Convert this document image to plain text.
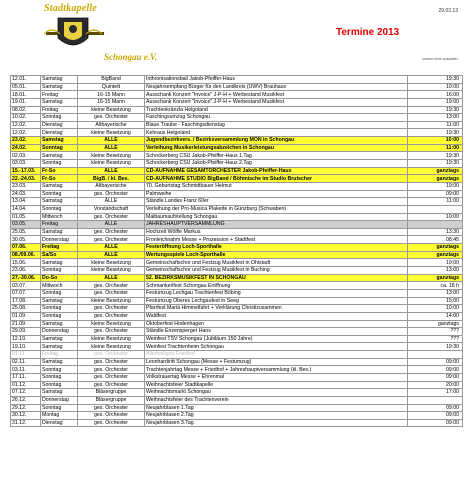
Stadtkapelle
Schongau e.V.
29.03.13
Termine 2013
unstmt ohne auswalter
12.01.	Samstag	BigBand	Inthronisationsball Jakob-Pfeiffer-Haus	19:30
05.01.	Samstag	Quintett	Neujahrsempfang Bürger für den Landkreis (UWV) Brauhaus	10:00
18.01.	Freitag	16-15 Mann	Ausschank Konzert "Invoice" J-P-H + Werbestand Musikfest	16:00
19.01.	Samstag	16-15 Mann	Ausschank Konzert "Invoice" J-P-H + Werbestand Musikfest	19:00
08.02.	Freitag	kleine Besetzung	Trachtenkränzla Helgoland	19:30
10.02.	Sonntag	ges. Orchester	Faschingsumzug Schongau	13:00
12.02.	Dienstag	Altbayerische	Blaue Traube - Faschingsdienstag	11:00
12.02.	Dienstag	kleine Besetzung	Kehraus Helgoland	19:30
23.02.	Samstag	ALLE	Jugendbezirkvers. / Bezirksversammlung MON in Schongau	10:00
24.02.	Sonntag	ALLE	Verleihung Musikerleistungsabzeichen in Schongau	11:00
02.03.	Samstag	kleine Besetzung	Schockerberg CSU Jakob-Pfeiffer-Haus 1.Tag	19:30
03.03.	Sonntag	kleine Besetzung	Schockerberg CSU Jakob-Pfeiffer-Haus 2.Tag	19:30
15.-17.03.	Fr-So	ALLE	CD-AUFNAHME GESAMTORCHESTER Jakob-Pfeiffer-Haus	ganztags
22.-24.03.	Fr-So	BigB. / kl. Bes.	CD-AUFNAHME STUDIO BigBand / Böhmische im Studio Brutscher	ganztags
23.03.	Samstag	Altbayerische	70. Geburtstag Schmidtbauer Helmut	19:00
24.03.	Sonntag	ges. Orchester	Palmweihe	09:00
13.04.	Samstag	ALLE	Ständle Landes Franz 60er	11:00
14.04.	Sonntag	Vorstandschaft	Verleihung der Pro-Musica Plakette in Günzburg (Schwaben)	
01.05.	Mittwoch	ges. Orchester	Maibaumaufstellung Schongau	10:00
03.05.	Freitag	ALLE	JAHRESHAUPTVERSAMMLUNG	
25.05.	Samstag	ges. Orchester	Hochzeit Wölfle Markus	13:30
30.05.	Donnerstag	ges. Orchester	Fronleichnahm Messe + Prozession + Stadtfest	08:45
07.06.	Freitag	ALLE	Festeröffnung Loch-Sporthalle	ganztags
08./09.06.	Sa/So	ALLE	Wertungsspiele Loch-Sporthalle	ganztags
15.06.	Samstag	kleine Besetzung	Gemeinschaftschor und Festzug Musikfest in Ohlstadt	19:00
23.06.	Sonntag	kleine Besetzung	Gemeinschaftschor und Festzug Musikfest in Buching	13:00
27.-30.06.	Do-So	ALLE	52. BEZIRKSMUSIKFEST IN SCHONGAU	ganztags
03.07.	Mittwoch	ges. Orchester	Schmankerlfest Schongau Eröffnung	ca. 18 h
07.07.	Sonntag	ges. Orchester	Festumzug Lechgau Trachtenfest Böbing	13:00
17.08.	Samstag	kleine Besetzung	Festumzug Oberes Lechgaufest in Seeg	15:00
25.08.	Sonntag	ges. Orchester	Pfarrfest Mariä Himmelfahrt + Verklärung Christizusammen	10:00
01.09.	Sonntag	ges. Orchester	Waldfest	14:00
21.09.	Samstag	kleine Besetzung	Oktoberfest Hodenhagen	ganztags
29.09.	Donnerstag	ges. Orchester	Ständle Enzensperger Hans	???
12.10.	Samstag	kleine Besetzung	Weinfest TSV Schongau (Jubiläum 150 Jahre)	???
19.10.	Samstag	kleine Besetzung	Weinfest Trachtenheim Schongau	19:30
01.11.	Freitag	ges. Orchester	Allerheiligen Friedhof	
02.11.	Samstag	ges. Orchester	Leonhardiritt Schongau (Messe + Festumzug)	09:00
03.11.	Sonntag	ges. Orchester	Trachtenjahrtag Messe + Friedhof + Jahreshauptversammlung (kl. Bes.)	09:00
17.11.	Sonntag	ges. Orchester	Volkstrauertag Messe + Ehrenmal	09:00
01.12.	Sonntag	ges. Orchester	Weihnachtsfeier Stadtkapelle	20:00
07.12.	Samstag	Bläsergruppe	Weihnachtsmarkt Schongau	17:00
26.12.	Donnerstag	Bläsergruppe	Weihnachtsfeier des Trachtenverein	
29.12.	Sonntag	ges. Orchester	Neujahrblasen 1.Tag	09:00
30.12.	Montag	ges. Orchester	Neujahrblasen 2.Tag	09:00
31.12.	Dienstag	ges. Orchester	Neujahrblasen 3.Tag	09:00
